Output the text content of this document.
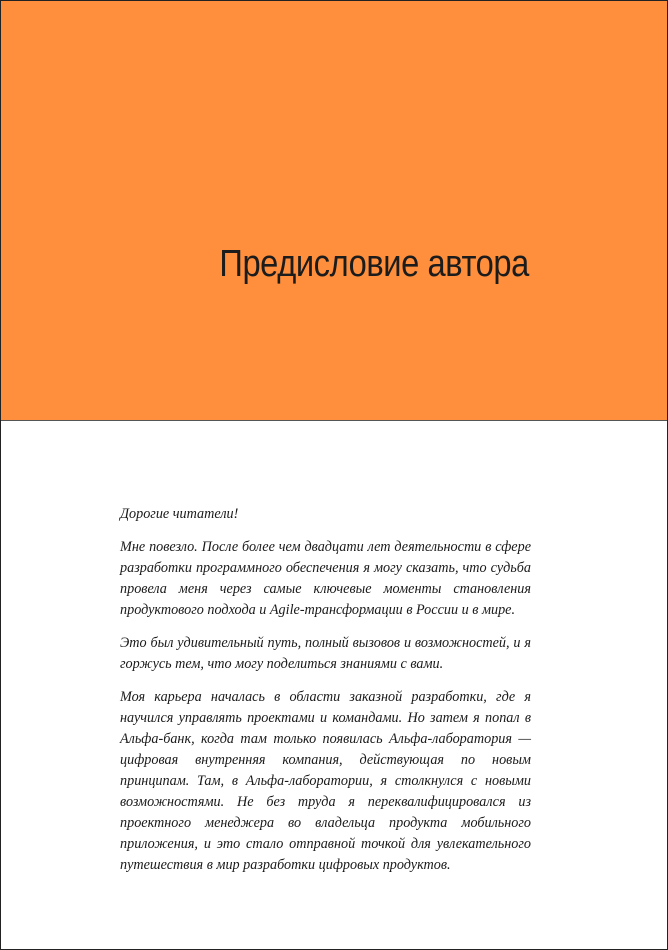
Предисловие автора

Дорогие читатели!

Мне повезло. После более чем двадцати лет деятельности в сфере разработки программного обеспечения я могу сказать, что судьба провела меня через самые ключевые моменты становления продуктового подхода и Agile-трансформации в России и в мире.

Это был удивительный путь, полный вызовов и возможностей, и я горжусь тем, что могу поделиться знаниями с вами.

Моя карьера началась в области заказной разработки, где я научился управлять проектами и командами. Но затем я попал в Альфа-банк, когда там только появилась Альфа-лаборатория — цифровая внутренняя компания, действующая по новым принципам. Там, в Альфа-лаборатории, я столкнулся с новыми возможностями. Не без труда я переквалифицировался из проектного менеджера во владельца продукта мобильного приложения, и это стало отправной точкой для увлекательного путешествия в мир разработки цифровых продуктов.
